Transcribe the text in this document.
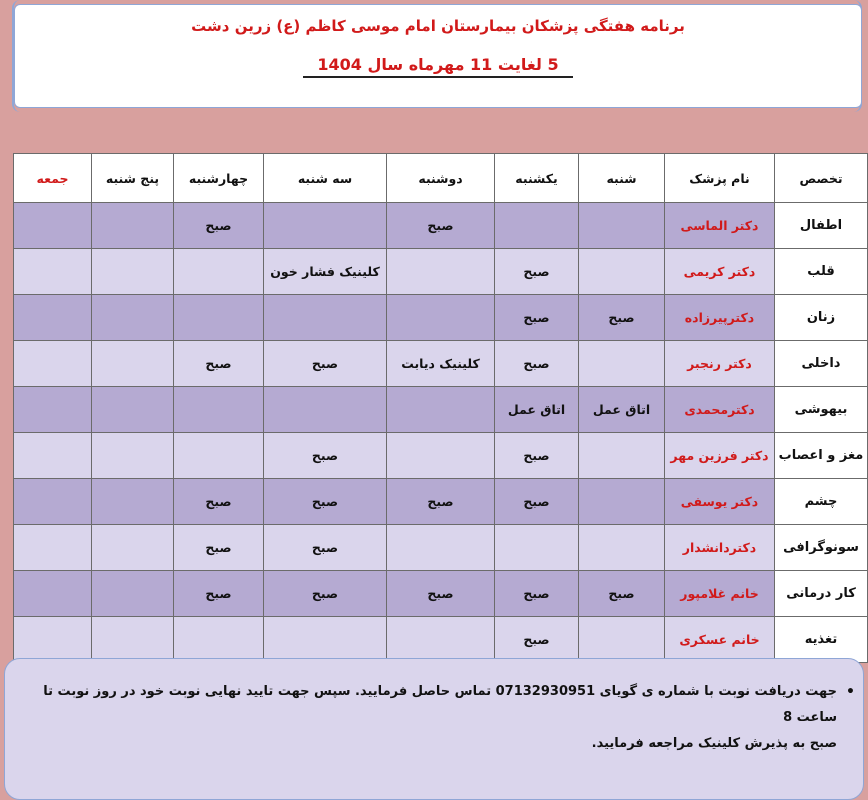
برنامه هفتگی پزشکان بیمارستان امام موسی کاظم (ع) زرین دشت
5 لغایت 11 مهرماه سال 1404
تخصص	نام پزشک	شنبه	یکشنبه	دوشنبه	سه شنبه	چهارشنبه	پنج شنبه	جمعه
اطفال	دکتر الماسی			صبح		صبح		
قلب	دکتر کریمی		صبح		کلینیک فشار خون			
زنان	دکترپیرزاده	صبح	صبح					
داخلی	دکتر رنجبر		صبح	کلینیک دیابت	صبح	صبح		
بیهوشی	دکترمحمدی	اتاق عمل	اتاق عمل					
مغز و اعصاب	دکتر فرزین مهر		صبح		صبح			
چشم	دکتر یوسفی		صبح	صبح	صبح	صبح		
سونوگرافی	دکتردانشدار				صبح	صبح		
کار درمانی	خانم غلامپور	صبح	صبح	صبح	صبح	صبح		
تغذیه	خانم عسکری		صبح					
•
جهت دریافت نوبت با شماره ی گویای 07132930951 تماس حاصل فرمایید. سپس جهت تایید نهایی نوبت خود در روز نوبت تا ساعت 8
صبح به پذیرش کلینیک مراجعه فرمایید.
